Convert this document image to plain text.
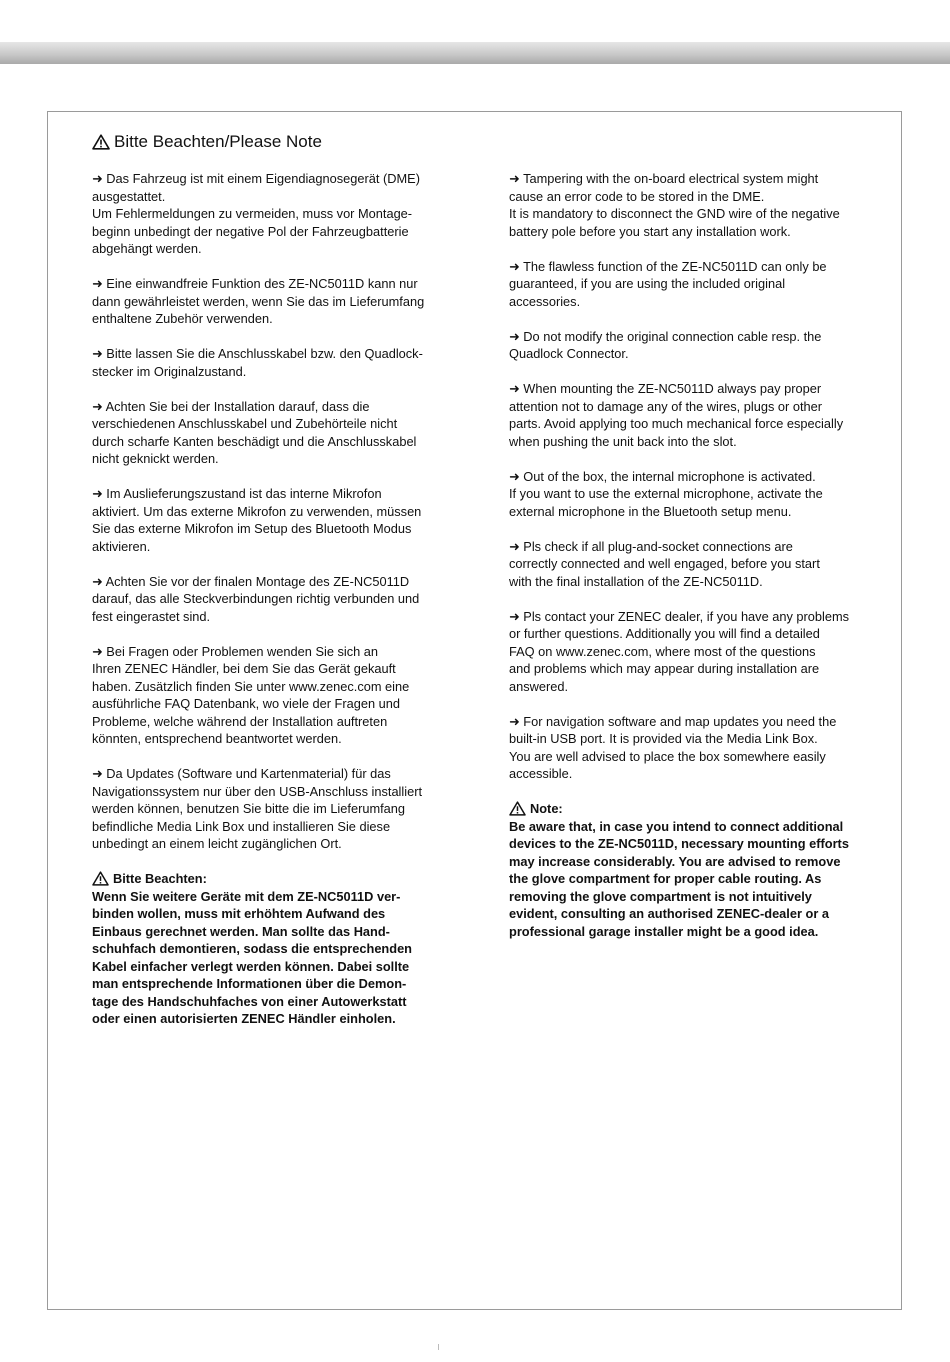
Bitte Beachten/Please Note

➜ Das Fahrzeug ist mit einem Eigendiagnosegerät (DME)
ausgestattet.
Um Fehlermeldungen zu vermeiden, muss vor Montage-
beginn unbedingt der negative Pol der Fahrzeugbatterie
abgehängt werden.

➜ Eine einwandfreie Funktion des ZE-NC5011D kann nur
dann gewährleistet werden, wenn Sie das im Lieferumfang
enthaltene Zubehör verwenden.

➜ Bitte lassen Sie die Anschlusskabel bzw. den Quadlock-
stecker im Originalzustand.

➜ Achten Sie bei der Installation darauf, dass die
verschiedenen Anschlusskabel und Zubehörteile nicht
durch scharfe Kanten beschädigt und die Anschlusskabel
nicht geknickt werden.

➜ Im Auslieferungszustand ist das interne Mikrofon
aktiviert. Um das externe Mikrofon zu verwenden, müssen
Sie das externe Mikrofon im Setup des Bluetooth Modus
aktivieren.

➜ Achten Sie vor der finalen Montage des ZE-NC5011D
darauf, das alle Steckverbindungen richtig verbunden und
fest eingerastet sind.

➜ Bei Fragen oder Problemen wenden Sie sich an
Ihren ZENEC Händler, bei dem Sie das Gerät gekauft
haben. Zusätzlich finden Sie unter www.zenec.com eine
ausführliche FAQ Datenbank, wo viele der Fragen und
Probleme, welche während der Installation auftreten
könnten, entsprechend beantwortet werden.

➜ Da Updates (Software und Kartenmaterial) für das
Navigationssystem nur über den USB-Anschluss installiert
werden können, benutzen Sie bitte die im Lieferumfang
befindliche Media Link Box und installieren Sie diese
unbedingt an einem leicht zugänglichen Ort.

Bitte Beachten:
Wenn Sie weitere Geräte mit dem ZE-NC5011D ver-
binden wollen, muss mit erhöhtem Aufwand des
Einbaus gerechnet werden. Man sollte das Hand-
schuhfach demontieren, sodass die entsprechenden
Kabel einfacher verlegt werden können. Dabei sollte
man entsprechende Informationen über die Demon-
tage des Handschuhfaches von einer Autowerkstatt
oder einen autorisierten ZENEC Händler einholen.

➜ Tampering with the on-board electrical system might
cause an error code to be stored in the DME.
It is mandatory to disconnect the GND wire of the negative
battery pole before you start any installation work.

➜ The flawless function of the ZE-NC5011D can only be
guaranteed, if you are using the included original
accessories.

➜ Do not modify the original connection cable resp. the
Quadlock Connector.

➜ When mounting the ZE-NC5011D always pay proper
attention not to damage any of the wires, plugs or other
parts. Avoid applying too much mechanical force especially
when pushing the unit back into the slot.

➜ Out of the box, the internal microphone is activated.
If you want to use the external microphone, activate the
external microphone in the Bluetooth setup menu.

➜ Pls check if all plug-and-socket connections are
correctly connected and well engaged, before you start
with the final installation of the ZE-NC5011D.

➜ Pls contact your ZENEC dealer, if you have any problems
or further questions. Additionally you will find a detailed
FAQ on www.zenec.com, where most of the questions
and problems which may appear during installation are
answered.

➜ For navigation software and map updates you need the
built-in USB port. It is provided via the Media Link Box.
You are well advised to place the box somewhere easily
accessible.

Note:
Be aware that, in case you intend to connect additional
devices to the ZE-NC5011D, necessary mounting efforts
may increase considerably. You are advised to remove
the glove compartment for proper cable routing. As
removing the glove compartment is not intuitively
evident, consulting an authorised ZENEC-dealer or a
professional garage installer might be a good idea.
